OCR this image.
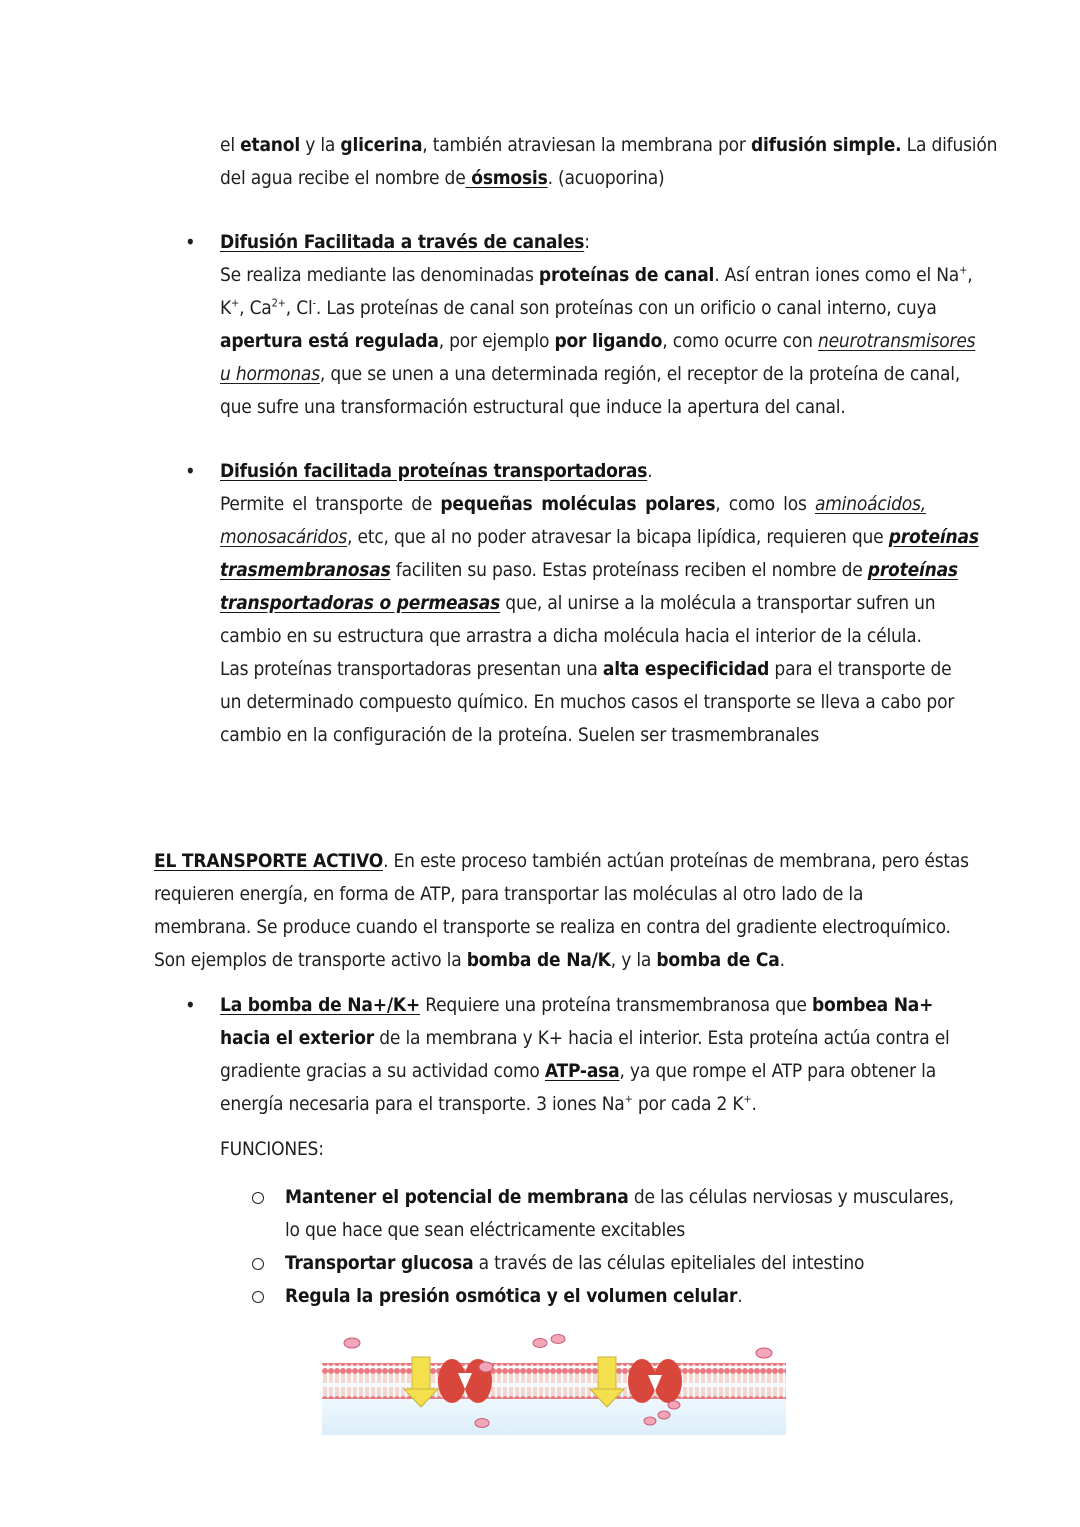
el etanol y la glicerina, también atraviesan la membrana por difusión simple. La difusión
del agua recibe el nombre de ósmosis. (acuoporina)
• Difusión Facilitada a través de canales:
Se realiza mediante las denominadas proteínas de canal. Así entran iones como el Na+,
K+, $Ca^{2+}$, Cl-. Las proteínas de canal son proteínas con un orificio o canal interno, cuya
apertura está regulada, por ejemplo por ligando, como ocurre con neurotransmisores
u hormonas, que se unen a una determinada región, el receptor de la proteína de canal,
que sufre una transformación estructural que induce la apertura del canal.
• Difusión facilitada proteínas transportadoras.
Permite el transporte de pequeñas moléculas polares, como los aminoácidos,
monosacáridos, etc, que al no poder atravesar la bicapa lipídica, requieren que proteínas
trasmembranosas faciliten su paso. Estas proteínass reciben el nombre de proteínas
transportadoras o permeasas que, al unirse a la molécula a transportar sufren un
cambio en su estructura que arrastra a dicha molécula hacia el interior de la célula.
Las proteínas transportadoras presentan una alta especificidad para el transporte de
un determinado compuesto químico. En muchos casos el transporte se lleva a cabo por
cambio en la configuración de la proteína. Suelen ser trasmembranales
EL TRANSPORTE ACTIVO. En este proceso también actúan proteínas de membrana, pero éstas
requieren energía, en forma de ATP, para transportar las moléculas al otro lado de la
membrana. Se produce cuando el transporte se realiza en contra del gradiente electroquímico.
Son ejemplos de transporte activo la bomba de Na/K, y la bomba de Ca.
• La bomba de Na+/K+ Requiere una proteína transmembranosa que bombea Na+
hacia el exterior de la membrana y K+ hacia el interior. Esta proteína actúa contra el
gradiente gracias a su actividad como ATP-asa, ya que rompe el ATP para obtener la
energía necesaria para el transporte. 3 iones Na+ por cada 2 K+.
FUNCIONES:
Mantener el potencial de membrana de las células nerviosas y musculares,
lo que hace que sean eléctricamente excitables
Transportar glucosa a través de las células epiteliales del intestino
Regula la presión osmótica y el volumen celular.
